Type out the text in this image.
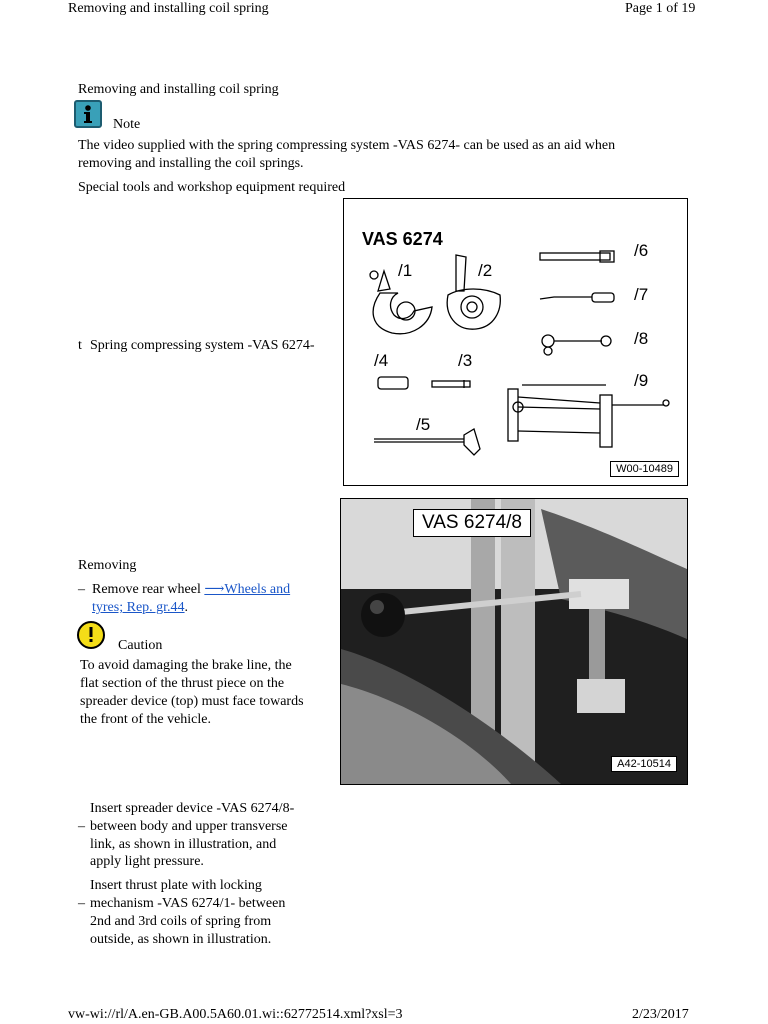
Removing and installing coil spring	Page 1 of 19
Removing and installing coil spring
Note
The video supplied with the spring compressing system -VAS 6274- can be used as an aid when
removing and installing the coil springs.
Special tools and workshop equipment required
t Spring compressing system -VAS 6274-
VAS 6274
/1	/2
/3
/4
/5
/6
/7
/8
/9
W00-10489
VAS 6274/8
A42-10514
Removing
– Remove rear wheel ⟶Wheels and
tyres; Rep. gr.44.
Caution
To avoid damaging the brake line, the
flat section of the thrust piece on the
spreader device (top) must face towards
the front of the vehicle.
Insert spreader device -VAS 6274/8-
– between body and upper transverse
link, as shown in illustration, and
apply light pressure.
Insert thrust plate with locking
– mechanism -VAS 6274/1- between
2nd and 3rd coils of spring from
outside, as shown in illustration.
vw-wi://rl/A.en-GB.A00.5A60.01.wi::62772514.xml?xsl=3	2/23/2017
